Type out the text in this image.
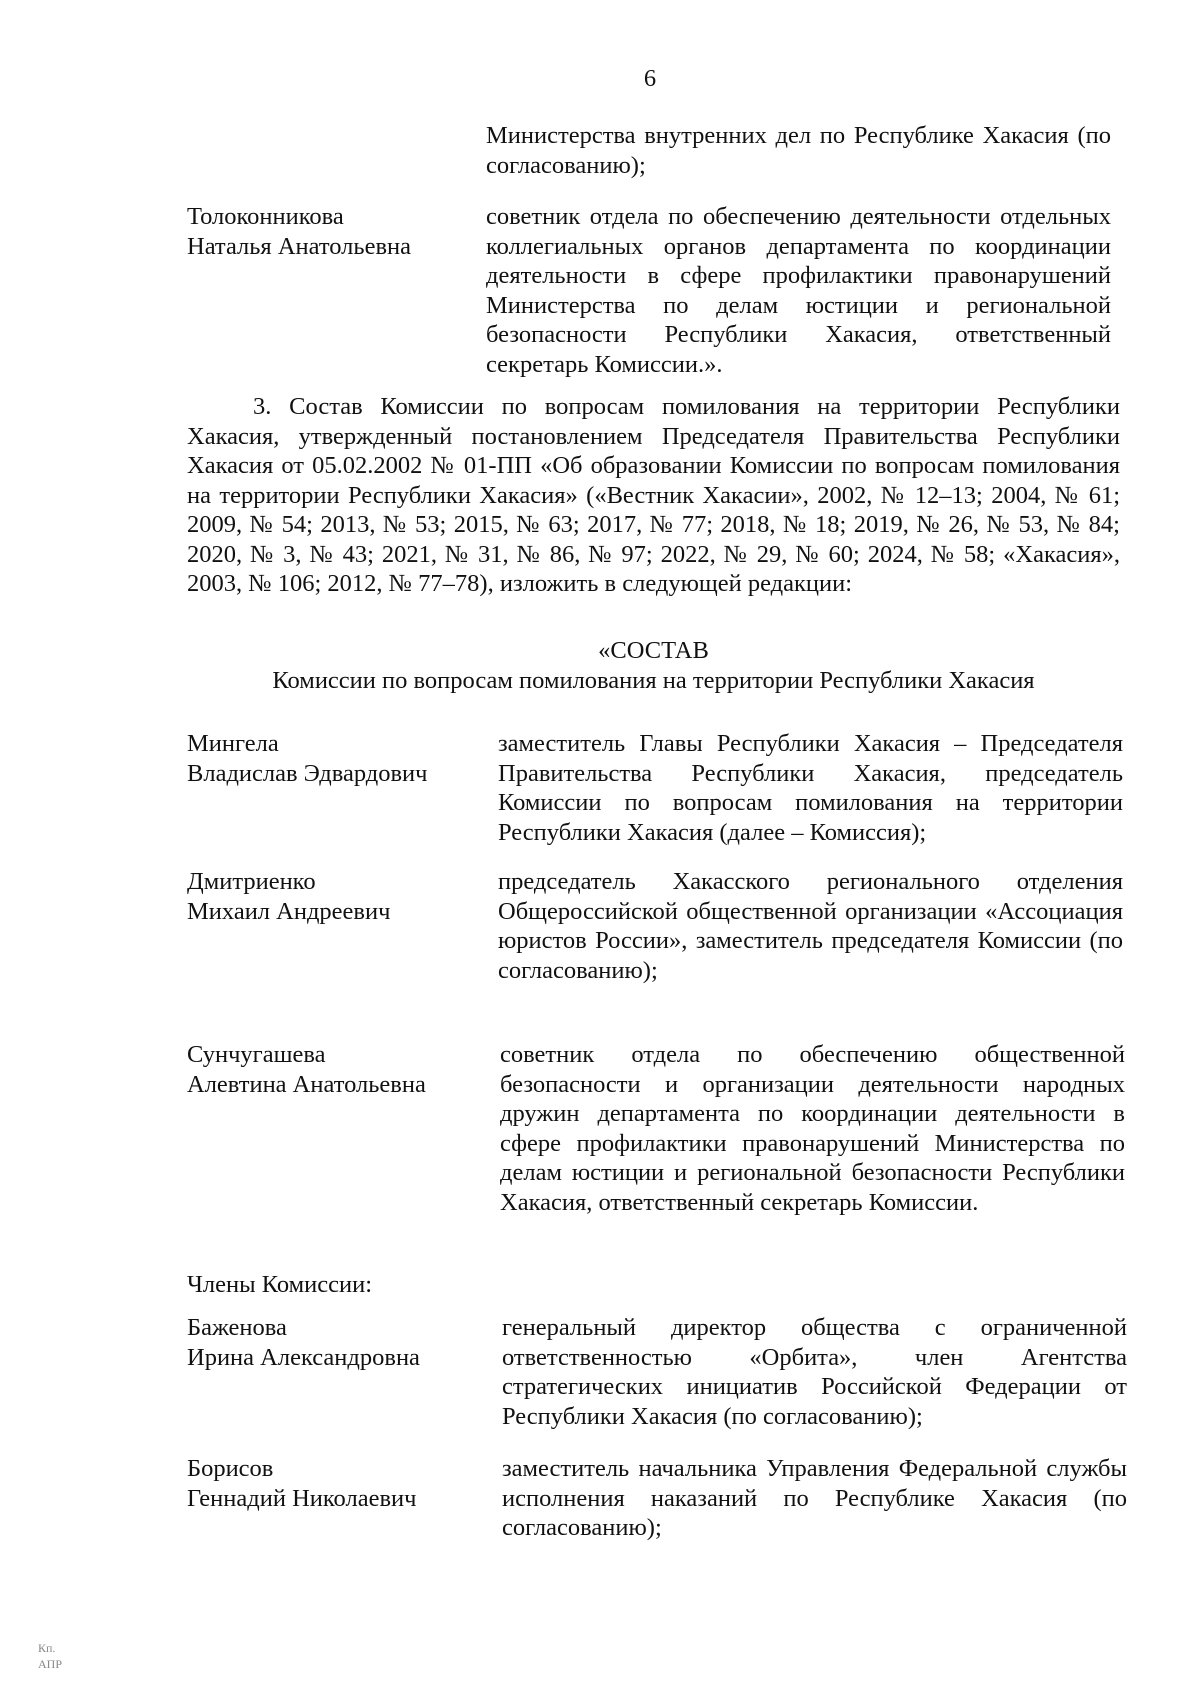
6
Министерства внутренних дел по Республике Хакасия (по согласованию);
Толоконникова
Наталья Анатольевна
советник отдела по обеспечению деятельности отдельных коллегиальных органов департамента по координации деятельности в сфере профилактики правонарушений Министерства по делам юстиции и региональной безопасности Республики Хакасия, ответственный секретарь Комиссии.».
3. Состав Комиссии по вопросам помилования на территории Республики Хакасия, утвержденный постановлением Председателя Правительства Республики Хакасия от 05.02.2002 № 01-ПП «Об образовании Комиссии по вопросам помилования на территории Республики Хакасия» («Вестник Хакасии», 2002, № 12–13; 2004, № 61; 2009, № 54; 2013, № 53; 2015, № 63; 2017, № 77; 2018, № 18; 2019, № 26, № 53, № 84; 2020, № 3, № 43; 2021, № 31, № 86, № 97; 2022, № 29, № 60; 2024, № 58; «Хакасия», 2003, № 106; 2012, № 77–78), изложить в следующей редакции:
«СОСТАВ
Комиссии по вопросам помилования на территории Республики Хакасия
Мингела
Владислав Эдвардович
заместитель Главы Республики Хакасия – Председателя Правительства Республики Хакасия, председатель Комиссии по вопросам помилования на территории Республики Хакасия (далее – Комиссия);
Дмитриенко
Михаил Андреевич
председатель Хакасского регионального отделения Общероссийской общественной организации «Ассоциация юристов России», заместитель председателя Комиссии (по согласованию);
Сунчугашева
Алевтина Анатольевна
советник отдела по обеспечению общественной безопасности и организации деятельности народных дружин департамента по координации деятельности в сфере профилактики правонарушений Министерства по делам юстиции и региональной безопасности Республики Хакасия, ответственный секретарь Комиссии.
Члены Комиссии:
Баженова
Ирина Александровна
генеральный директор общества с ограниченной ответственностью «Орбита», член Агентства стратегических инициатив Российской Федерации от Республики Хакасия (по согласованию);
Борисов
Геннадий Николаевич
заместитель начальника Управления Федеральной службы исполнения наказаний по Республике Хакасия (по согласованию);
Кп.
АПР
